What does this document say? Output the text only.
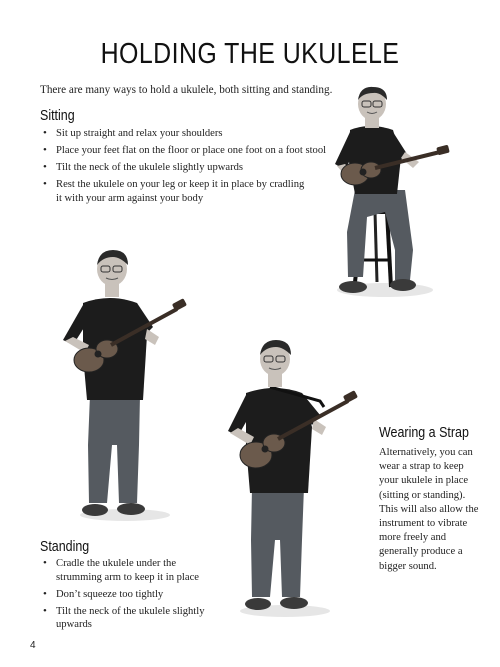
HOLDING THE UKULELE
There are many ways to hold a ukulele, both sitting and standing.
Sitting
• Sit up straight and relax your shoulders
• Place your feet flat on the floor or place one foot on a foot stool
• Tilt the neck of the ukulele slightly upwards
• Rest the ukulele on your leg or keep it in place by cradling it with your arm against your body
Wearing a Strap
Alternatively, you can wear a strap to keep your ukulele in place (sitting or standing). This will also allow the instrument to vibrate more freely and generally produce a bigger sound.
Standing
• Cradle the ukulele under the strumming arm to keep it in place
• Don’t squeeze too tightly
• Tilt the neck of the ukulele slightly upwards
4
